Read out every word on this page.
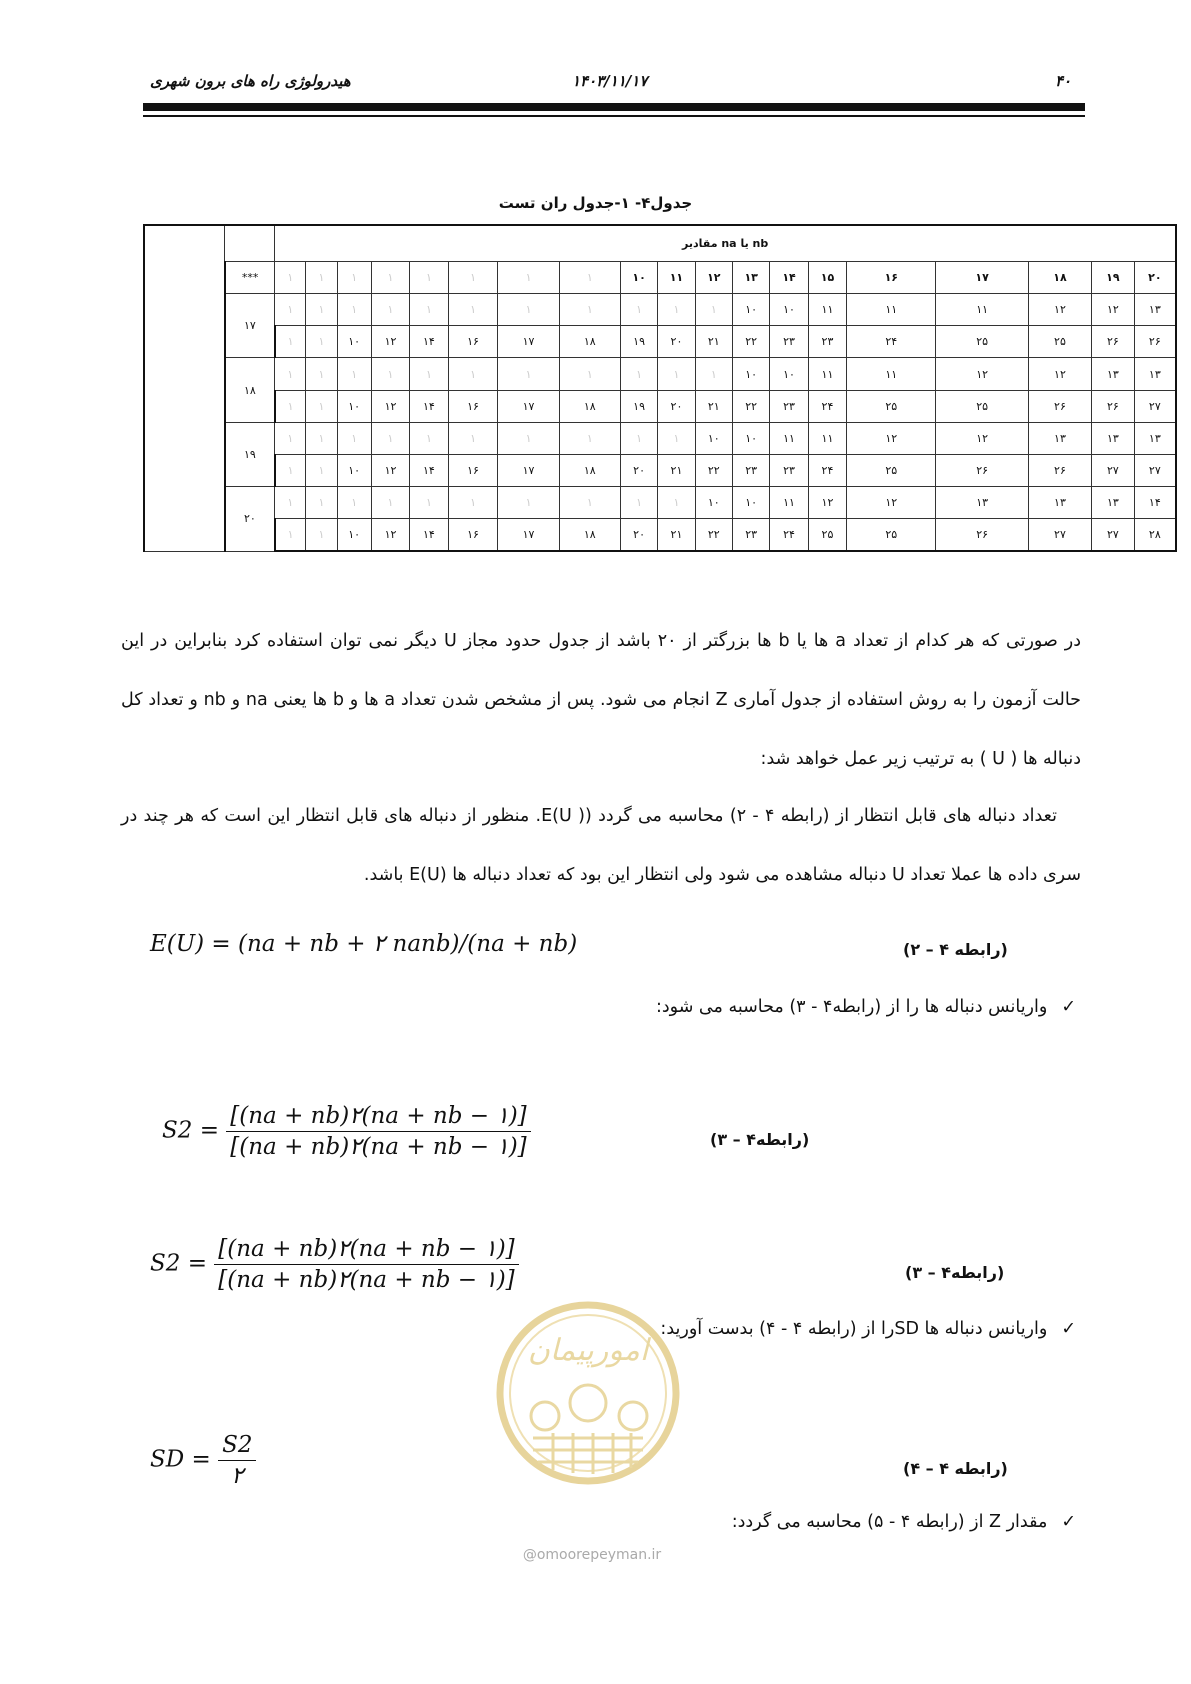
۴۰
۱۴۰۳/۱۱/۱۷
هیدرولوژی راه های برون شهری
جدول۴- ۱-جدول ران تست
		nb یا na مقادیر																		
	***	۱	۱	۱	۱	۱	۱	۱	۱	۱۰	۱۱	۱۲	۱۳	۱۴	۱۵	۱۶	۱۷	۱۸	۱۹	۲۰
	۱۷	۱	۱	۱	۱	۱	۱	۱	۱	۱	۱	۱	۱۰	۱۰	۱۱	۱۱	۱۱	۱۲	۱۲	۱۳
		۱	۱	۱۰	۱۲	۱۴	۱۶	۱۷	۱۸	۱۹	۲۰	۲۱	۲۲	۲۳	۲۳	۲۴	۲۵	۲۵	۲۶	۲۶
	۱۸	۱	۱	۱	۱	۱	۱	۱	۱	۱	۱	۱	۱۰	۱۰	۱۱	۱۱	۱۲	۱۲	۱۳	۱۳
		۱	۱	۱۰	۱۲	۱۴	۱۶	۱۷	۱۸	۱۹	۲۰	۲۱	۲۲	۲۳	۲۴	۲۵	۲۵	۲۶	۲۶	۲۷
	۱۹	۱	۱	۱	۱	۱	۱	۱	۱	۱	۱	۱۰	۱۰	۱۱	۱۱	۱۲	۱۲	۱۳	۱۳	۱۳
		۱	۱	۱۰	۱۲	۱۴	۱۶	۱۷	۱۸	۲۰	۲۱	۲۲	۲۳	۲۳	۲۴	۲۵	۲۶	۲۶	۲۷	۲۷
	۲۰	۱	۱	۱	۱	۱	۱	۱	۱	۱	۱	۱۰	۱۰	۱۱	۱۲	۱۲	۱۳	۱۳	۱۳	۱۴
		۱	۱	۱۰	۱۲	۱۴	۱۶	۱۷	۱۸	۲۰	۲۱	۲۲	۲۳	۲۴	۲۵	۲۵	۲۶	۲۷	۲۷	۲۸
در صورتی که هر کدام از تعداد a ها یا b ها بزرگتر از ۲۰ باشد از جدول حدود مجاز U دیگر نمی توان استفاده کرد بنابراین در این حالت آزمون را به روش استفاده از جدول آماری Z انجام می شود. پس از مشخص شدن تعداد a ها و b ها یعنی na و nb و تعداد کل دنباله ها ( U ) به ترتیب زیر عمل خواهد شد:
تعداد دنباله های قابل انتظار از (رابطه ۴ - ۲) محاسبه می گردد (E(U ). منظور از دنباله های قابل انتظار این است که هر چند در سری داده ها عملا تعداد U دنباله مشاهده می شود ولی انتظار این بود که تعداد دنباله ها (E(U باشد.
E(U) = (na + nb + ۲ nanb)/(na + nb)	(رابطه ۴ – ۲)
✓واریانس دنباله ها را از (رابطه۴ - ۳) محاسبه می شود:
$S2 = \frac{[(na + nb)۲(na + nb - ۱)]}{[(na + nb)۲(na + nb - ۱)]}$	(رابطه۴ – ۳)
$S2 = \frac{[(na + nb)۲(na + nb - ۱)]}{[(na + nb)۲(na + nb - ۱)]}$	(رابطه۴ – ۳)
✓واریانس دنباله ها SDرا از (رابطه ۴ - ۴) بدست آورید:
امورپیمان
SD = $\frac{S2}{۲}$	(رابطه ۴ – ۴)
✓مقدار Z از (رابطه ۴ - ۵) محاسبه می گردد:
@omoorepeyman.ir
